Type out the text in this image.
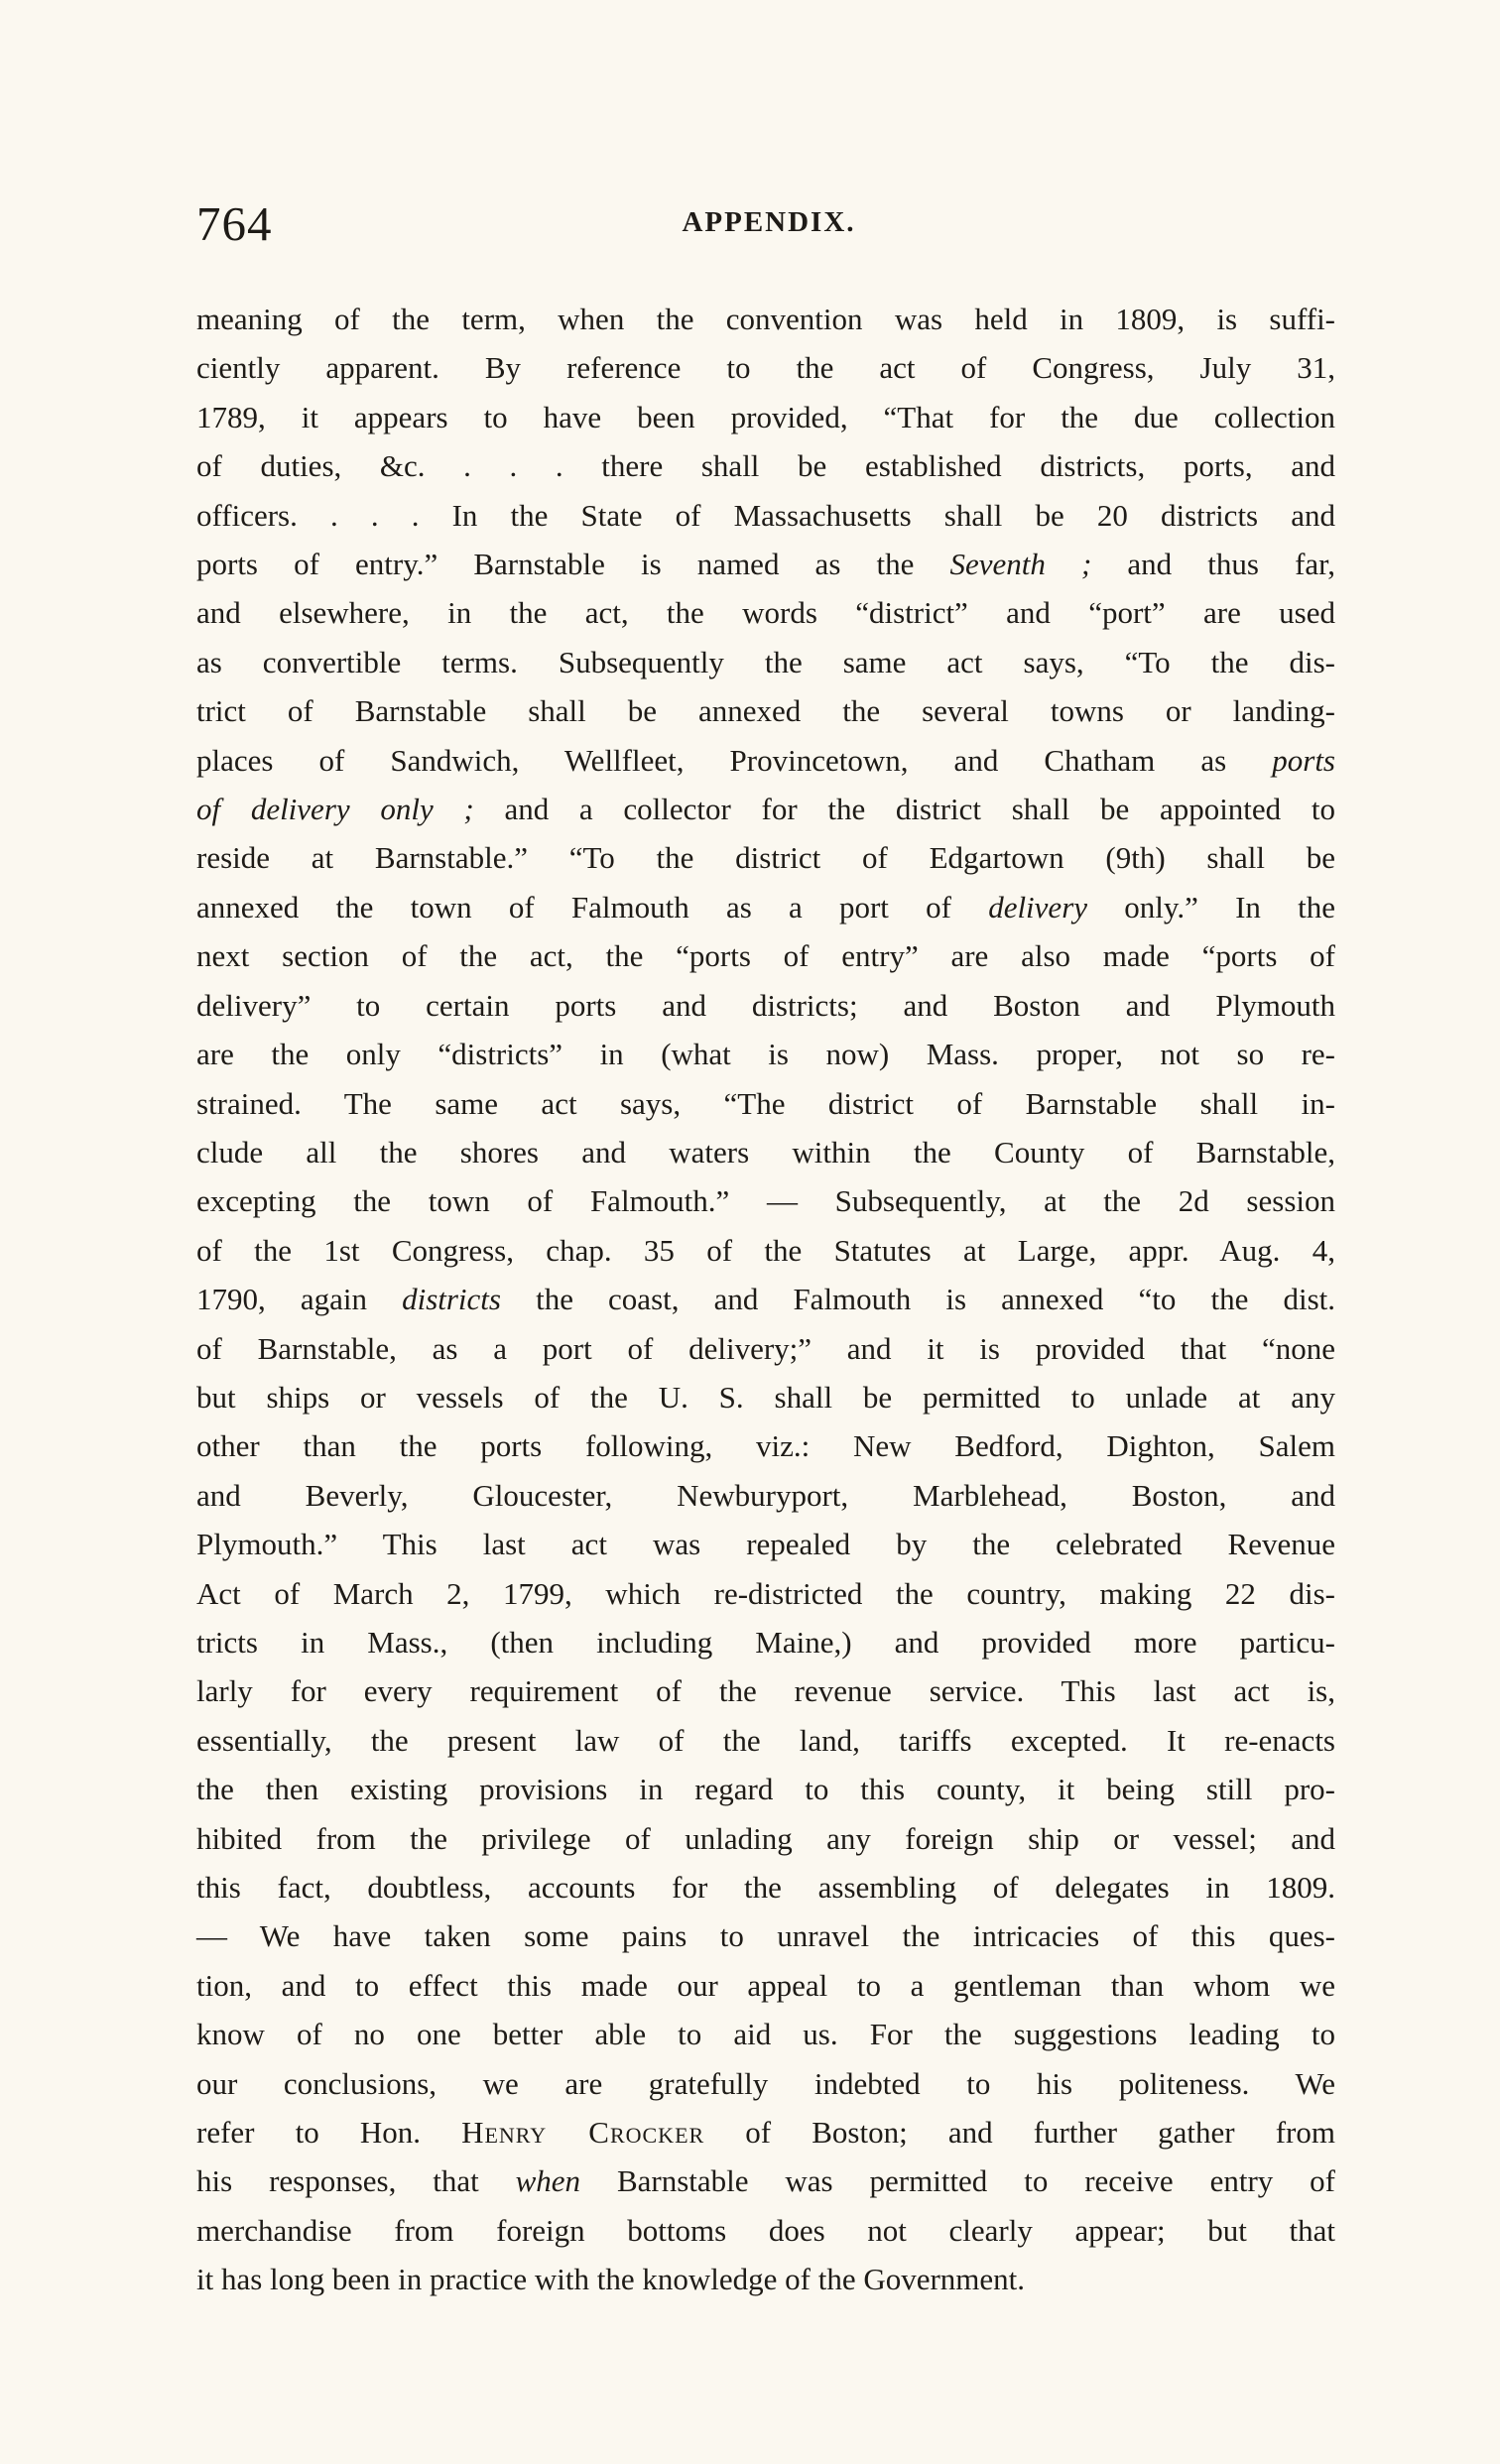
764	APPENDIX.
meaning of the term, when the convention was held in 1809, is suffi-
ciently apparent. By reference to the act of Congress, July 31,
1789, it appears to have been provided, “That for the due collection
of duties, &c. . . . there shall be established districts, ports, and
officers. . . . In the State of Massachusetts shall be 20 districts and
ports of entry.” Barnstable is named as the Seventh ; and thus far,
and elsewhere, in the act, the words “district” and “port” are used
as convertible terms. Subsequently the same act says, “To the dis-
trict of Barnstable shall be annexed the several towns or landing-
places of Sandwich, Wellfleet, Provincetown, and Chatham as ports
of delivery only ; and a collector for the district shall be appointed to
reside at Barnstable.” “To the district of Edgartown (9th) shall be
annexed the town of Falmouth as a port of delivery only.” In the
next section of the act, the “ports of entry” are also made “ports of
delivery” to certain ports and districts; and Boston and Plymouth
are the only “districts” in (what is now) Mass. proper, not so re-
strained. The same act says, “The district of Barnstable shall in-
clude all the shores and waters within the County of Barnstable,
excepting the town of Falmouth.” — Subsequently, at the 2d session
of the 1st Congress, chap. 35 of the Statutes at Large, appr. Aug. 4,
1790, again districts the coast, and Falmouth is annexed “to the dist.
of Barnstable, as a port of delivery;” and it is provided that “none
but ships or vessels of the U. S. shall be permitted to unlade at any
other than the ports following, viz.: New Bedford, Dighton, Salem
and Beverly, Gloucester, Newburyport, Marblehead, Boston, and
Plymouth.” This last act was repealed by the celebrated Revenue
Act of March 2, 1799, which re-districted the country, making 22 dis-
tricts in Mass., (then including Maine,) and provided more particu-
larly for every requirement of the revenue service. This last act is,
essentially, the present law of the land, tariffs excepted. It re-enacts
the then existing provisions in regard to this county, it being still pro-
hibited from the privilege of unlading any foreign ship or vessel; and
this fact, doubtless, accounts for the assembling of delegates in 1809.
— We have taken some pains to unravel the intricacies of this ques-
tion, and to effect this made our appeal to a gentleman than whom we
know of no one better able to aid us. For the suggestions leading to
our conclusions, we are gratefully indebted to his politeness. We
refer to Hon. Henry Crocker of Boston; and further gather from
his responses, that when Barnstable was permitted to receive entry of
merchandise from foreign bottoms does not clearly appear; but that
it has long been in practice with the knowledge of the Government.
